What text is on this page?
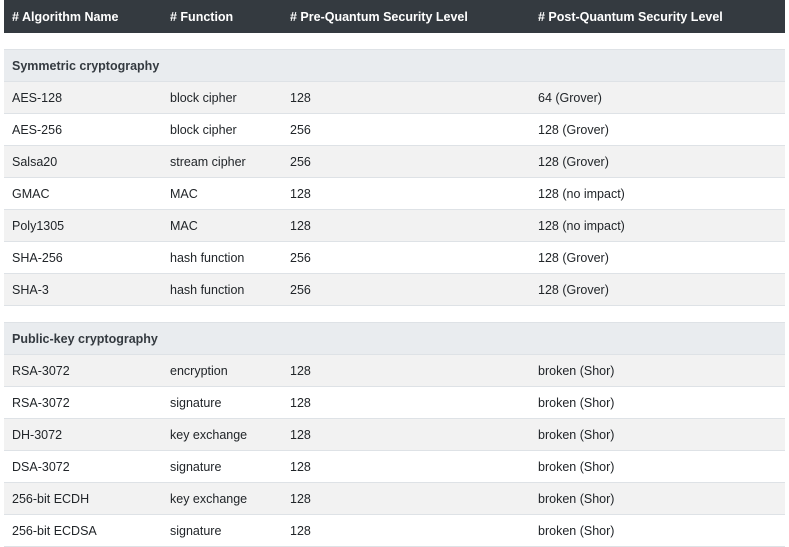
# Algorithm Name	# Function	# Pre-Quantum Security Level	# Post-Quantum Security Level

Symmetric cryptography			
AES-128	block cipher	128	64 (Grover)
AES-256	block cipher	256	128 (Grover)
Salsa20	stream cipher	256	128 (Grover)
GMAC	MAC	128	128 (no impact)
Poly1305	MAC	128	128 (no impact)
SHA-256	hash function	256	128 (Grover)
SHA-3	hash function	256	128 (Grover)

Public-key cryptography			
RSA-3072	encryption	128	broken (Shor)
RSA-3072	signature	128	broken (Shor)
DH-3072	key exchange	128	broken (Shor)
DSA-3072	signature	128	broken (Shor)
256-bit ECDH	key exchange	128	broken (Shor)
256-bit ECDSA	signature	128	broken (Shor)
